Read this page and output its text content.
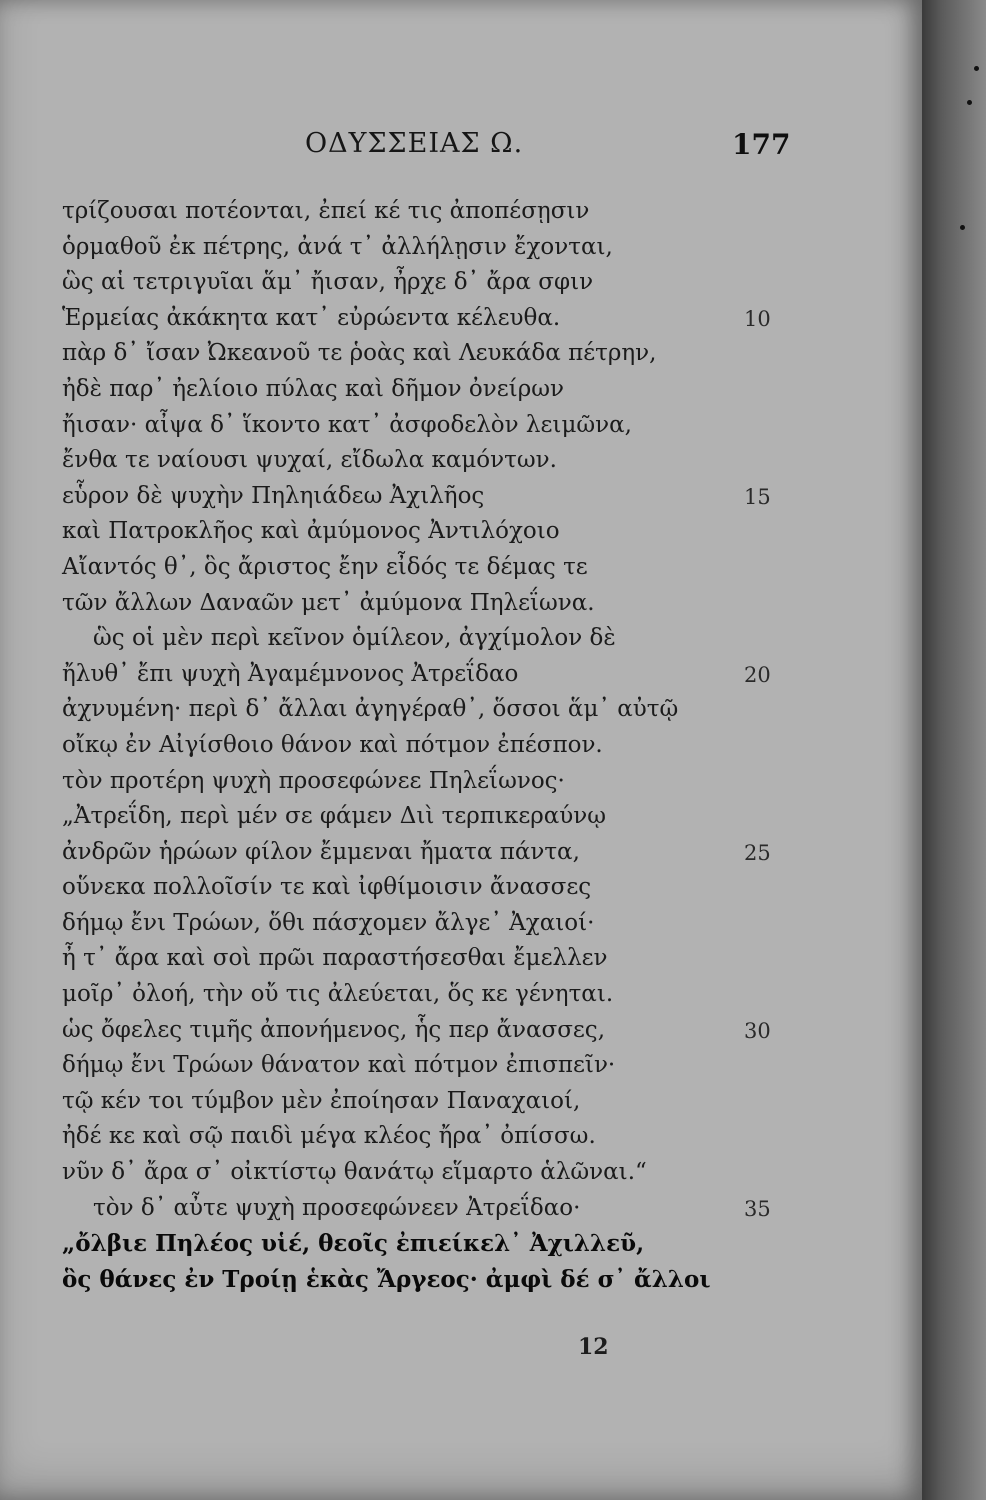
ΟΔΥΣΣΕΙΑΣ Ω.	177
τρίζουσαι ποτέονται, ἐπεί κέ τις ἀποπέσῃσιν
ὁρμαθοῦ ἐκ πέτρης, ἀνά τ᾿ ἀλλήλῃσιν ἔχονται,
ὣς αἱ τετριγυῖαι ἅμ᾿ ἤισαν, ἦρχε δ᾿ ἄρα σφιν
Ἑρμείας ἀκάκητα κατ᾿ εὐρώεντα κέλευθα.	10
πὰρ δ᾿ ἴσαν Ὠκεανοῦ τε ῥοὰς καὶ Λευκάδα πέτρην,
ἠδὲ παρ᾿ ἠελίοιο πύλας καὶ δῆμον ὀνείρων
ἤισαν· αἶψα δ᾿ ἵκοντο κατ᾿ ἀσφοδελὸν λειμῶνα,
ἔνθα τε ναίουσι ψυχαί, εἴδωλα καμόντων.
εὗρον δὲ ψυχὴν Πηληιάδεω Ἀχιλῆος	15
καὶ Πατροκλῆος καὶ ἀμύμονος Ἀντιλόχοιο
Αἴαντός θ᾿, ὃς ἄριστος ἔην εἶδός τε δέμας τε
τῶν ἄλλων Δαναῶν μετ᾿ ἀμύμονα Πηλεΐωνα.
ὣς οἱ μὲν περὶ κεῖνον ὁμίλεον, ἀγχίμολον δὲ
ἤλυθ᾿ ἔπι ψυχὴ Ἀγαμέμνονος Ἀτρεΐδαο	20
ἀχνυμένη· περὶ δ᾿ ἄλλαι ἀγηγέραθ᾿, ὅσσοι ἅμ᾿ αὐτῷ
οἴκῳ ἐν Αἰγίσθοιο θάνον καὶ πότμον ἐπέσπον.
τὸν προτέρη ψυχὴ προσεφώνεε Πηλεΐωνος·
„Ἀτρεΐδη, περὶ μέν σε φάμεν Διὶ τερπικεραύνῳ
ἀνδρῶν ἡρώων φίλον ἔμμεναι ἤματα πάντα,	25
οὕνεκα πολλοῖσίν τε καὶ ἰφθίμοισιν ἄνασσες
δήμῳ ἔνι Τρώων, ὅθι πάσχομεν ἄλγε᾿ Ἀχαιοί·
ἦ τ᾿ ἄρα καὶ σοὶ πρῶι παραστήσεσθαι ἔμελλεν
μοῖρ᾿ ὀλοή, τὴν οὔ τις ἀλεύεται, ὅς κε γένηται.
ὡς ὄφελες τιμῆς ἀπονήμενος, ἧς περ ἄνασσες,	30
δήμῳ ἔνι Τρώων θάνατον καὶ πότμον ἐπισπεῖν·
τῷ κέν τοι τύμβον μὲν ἐποίησαν Παναχαιοί,
ἠδέ κε καὶ σῷ παιδὶ μέγα κλέος ἤρα᾿ ὀπίσσω.
νῦν δ᾿ ἄρα σ᾿ οἰκτίστῳ θανάτῳ εἵμαρτο ἁλῶναι.“
τὸν δ᾿ αὖτε ψυχὴ προσεφώνεεν Ἀτρεΐδαο·	35
„ὄλβιε Πηλέος υἱέ, θεοῖς ἐπιείκελ᾿ Ἀχιλλεῦ,
ὃς θάνες ἐν Τροίῃ ἑκὰς Ἄργεος· ἀμφὶ δέ σ᾿ ἄλλοι
12
